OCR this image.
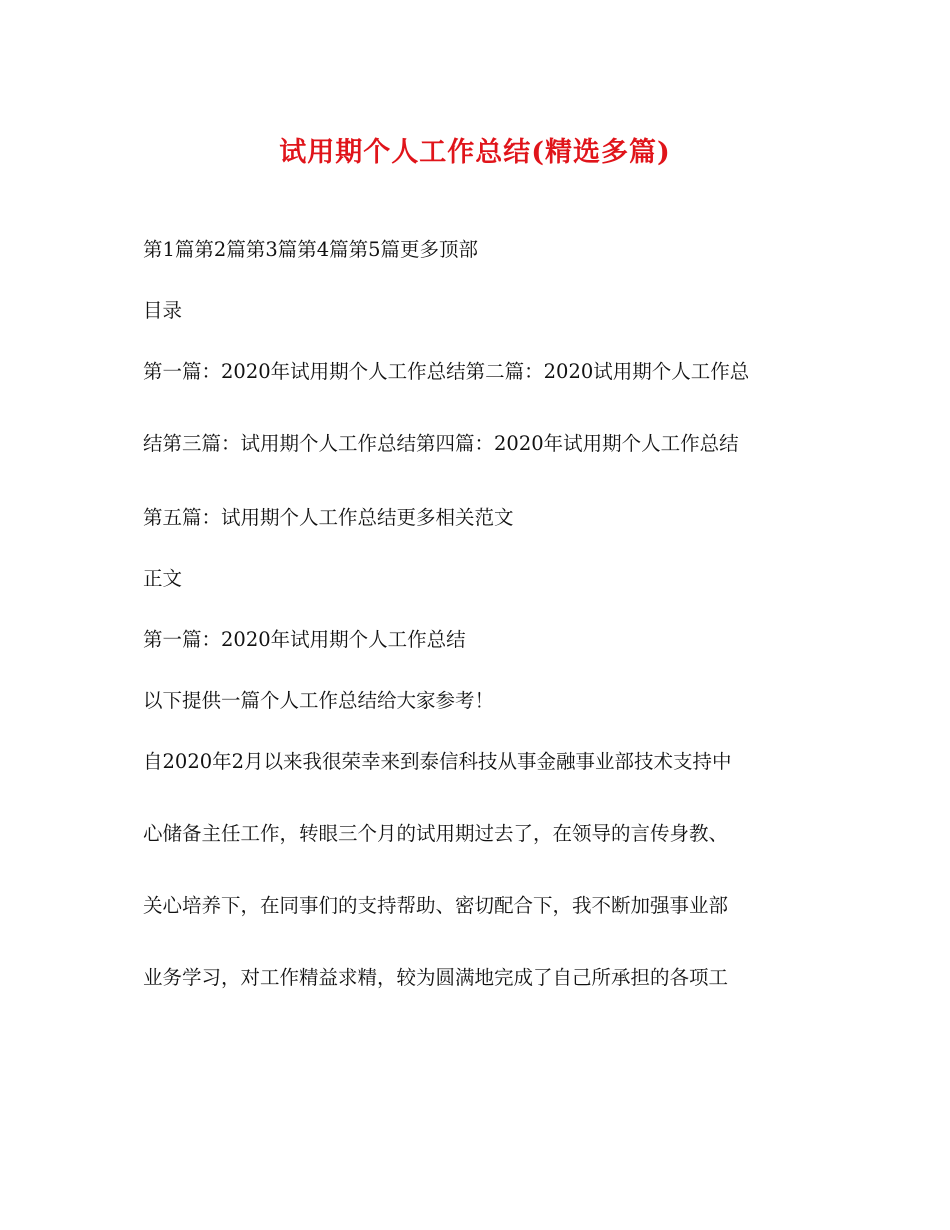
试用期个人工作总结(精选多篇)
第1篇第2篇第3篇第4篇第5篇更多顶部
目录
第一篇：2020年试用期个人工作总结第二篇：2020试用期个人工作总
结第三篇：试用期个人工作总结第四篇：2020年试用期个人工作总结
第五篇：试用期个人工作总结更多相关范文
正文
第一篇：2020年试用期个人工作总结
以下提供一篇个人工作总结给大家参考！
自2020年2月以来我很荣幸来到泰信科技从事金融事业部技术支持中
心储备主任工作，转眼三个月的试用期过去了，在领导的言传身教、
关心培养下，在同事们的支持帮助、密切配合下，我不断加强事业部
业务学习，对工作精益求精，较为圆满地完成了自己所承担的各项工
